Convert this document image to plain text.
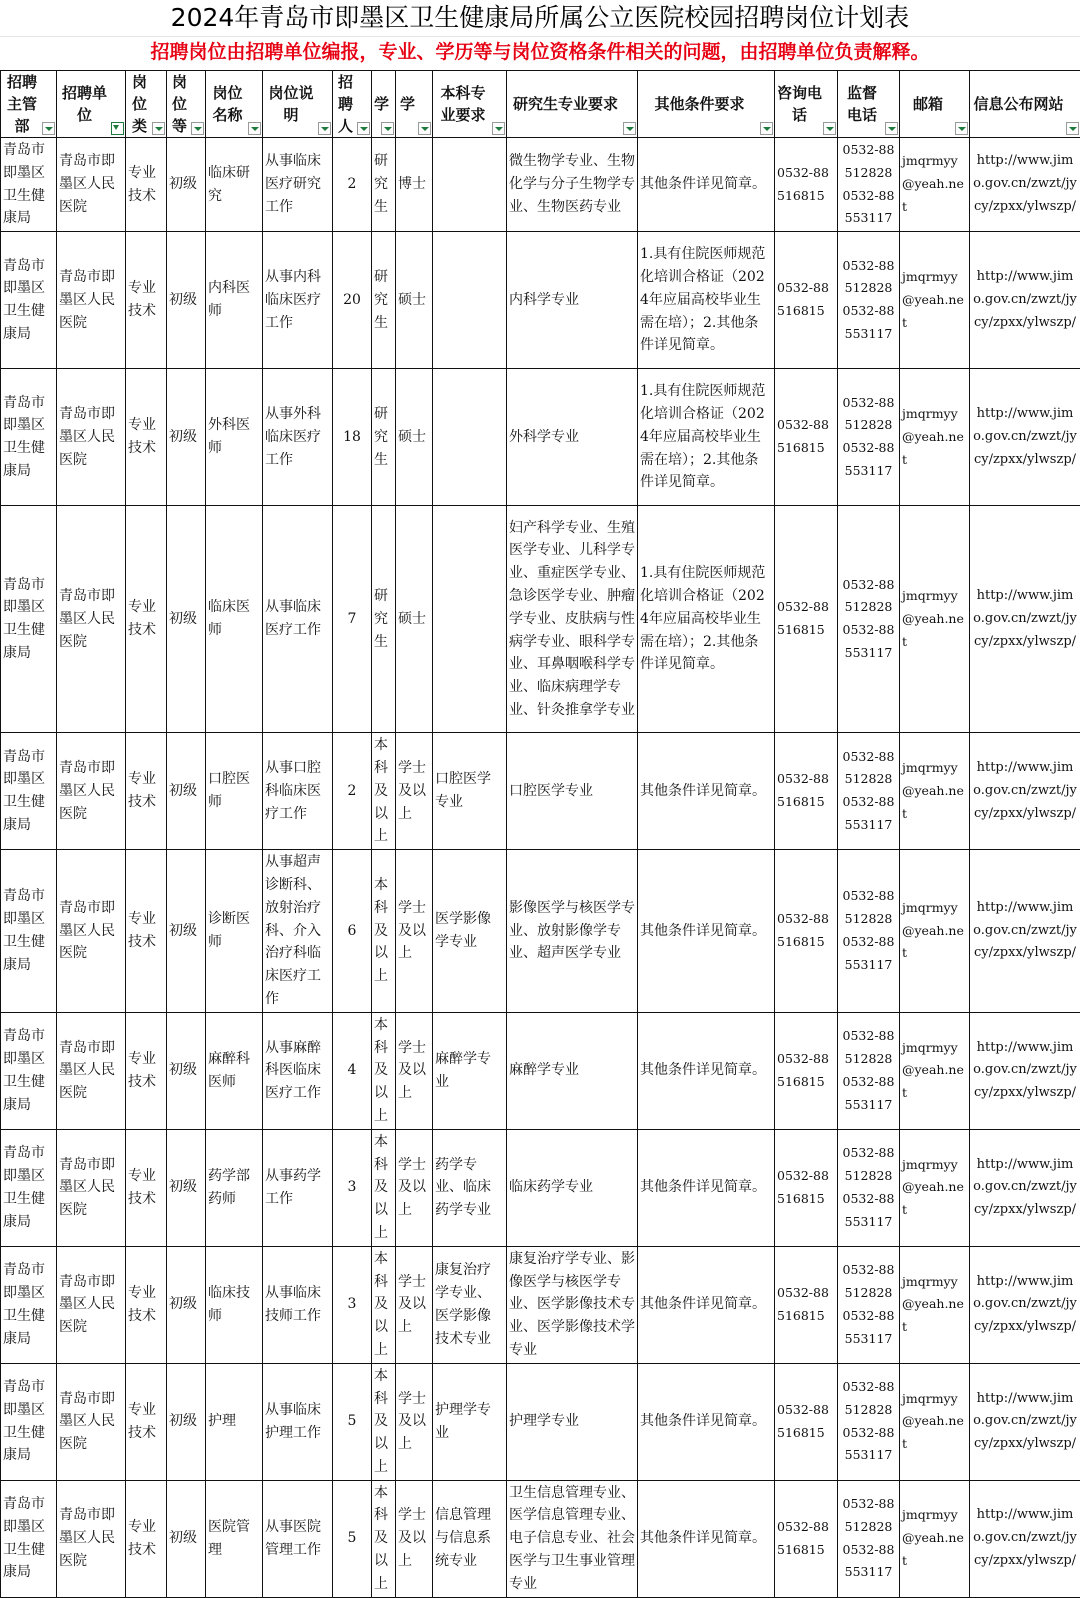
2024年青岛市即墨区卫生健康局所属公立医院校园招聘岗位计划表
招聘岗位由招聘单位编报，专业、学历等与岗位资格条件相关的问题，由招聘单位负责解释。
招聘主管部	招聘单位	岗位类	岗位等	岗位名称	岗位说明	招聘人	学	学	本科专业要求	研究生专业要求	其他条件要求	咨询电话	监督电话	邮箱	信息公布网站

青岛市即墨区卫生健康局	青岛市即墨区人民医院	专业技术	初级	临床研究	从事临床医疗研究工作	2	研究生	博士		微生物学专业、生物化学与分子生物学专业、生物医药专业	其他条件详见简章。	0532-88516815	0532-88512828 0532-88553117	jmqrmyy@yeah.net	http://www.jimo.gov.cn/zwzt/jycy/zpxx/ylwszp/
青岛市即墨区卫生健康局	青岛市即墨区人民医院	专业技术	初级	内科医师	从事内科临床医疗工作	20	研究生	硕士		内科学专业	1.具有住院医师规范化培训合格证（2024年应届高校毕业生需在培）；2.其他条件详见简章。	0532-88516815	0532-88512828 0532-88553117	jmqrmyy@yeah.net	http://www.jimo.gov.cn/zwzt/jycy/zpxx/ylwszp/
青岛市即墨区卫生健康局	青岛市即墨区人民医院	专业技术	初级	外科医师	从事外科临床医疗工作	18	研究生	硕士		外科学专业	1.具有住院医师规范化培训合格证（2024年应届高校毕业生需在培）；2.其他条件详见简章。	0532-88516815	0532-88512828 0532-88553117	jmqrmyy@yeah.net	http://www.jimo.gov.cn/zwzt/jycy/zpxx/ylwszp/
青岛市即墨区卫生健康局	青岛市即墨区人民医院	专业技术	初级	临床医师	从事临床医疗工作	7	研究生	硕士		妇产科学专业、生殖医学专业、儿科学专业、重症医学专业、急诊医学专业、肿瘤学专业、皮肤病与性病学专业、眼科学专业、耳鼻咽喉科学专业、临床病理学专业、针灸推拿学专业	1.具有住院医师规范化培训合格证（2024年应届高校毕业生需在培）；2.其他条件详见简章。	0532-88516815	0532-88512828 0532-88553117	jmqrmyy@yeah.net	http://www.jimo.gov.cn/zwzt/jycy/zpxx/ylwszp/
青岛市即墨区卫生健康局	青岛市即墨区人民医院	专业技术	初级	口腔医师	从事口腔科临床医疗工作	2	本科及以上	学士及以上	口腔医学专业	口腔医学专业	其他条件详见简章。	0532-88516815	0532-88512828 0532-88553117	jmqrmyy@yeah.net	http://www.jimo.gov.cn/zwzt/jycy/zpxx/ylwszp/
青岛市即墨区卫生健康局	青岛市即墨区人民医院	专业技术	初级	诊断医师	从事超声诊断科、放射治疗科、介入治疗科临床医疗工作	6	本科及以上	学士及以上	医学影像学专业	影像医学与核医学专业、放射影像学专业、超声医学专业	其他条件详见简章。	0532-88516815	0532-88512828 0532-88553117	jmqrmyy@yeah.net	http://www.jimo.gov.cn/zwzt/jycy/zpxx/ylwszp/
青岛市即墨区卫生健康局	青岛市即墨区人民医院	专业技术	初级	麻醉科医师	从事麻醉科医临床医疗工作	4	本科及以上	学士及以上	麻醉学专业	麻醉学专业	其他条件详见简章。	0532-88516815	0532-88512828 0532-88553117	jmqrmyy@yeah.net	http://www.jimo.gov.cn/zwzt/jycy/zpxx/ylwszp/
青岛市即墨区卫生健康局	青岛市即墨区人民医院	专业技术	初级	药学部药师	从事药学工作	3	本科及以上	学士及以上	药学专业、临床药学专业	临床药学专业	其他条件详见简章。	0532-88516815	0532-88512828 0532-88553117	jmqrmyy@yeah.net	http://www.jimo.gov.cn/zwzt/jycy/zpxx/ylwszp/
青岛市即墨区卫生健康局	青岛市即墨区人民医院	专业技术	初级	临床技师	从事临床技师工作	3	本科及以上	学士及以上	康复治疗学专业、医学影像技术专业	康复治疗学专业、影像医学与核医学专业、医学影像技术专业、医学影像技术学专业	其他条件详见简章。	0532-88516815	0532-88512828 0532-88553117	jmqrmyy@yeah.net	http://www.jimo.gov.cn/zwzt/jycy/zpxx/ylwszp/
青岛市即墨区卫生健康局	青岛市即墨区人民医院	专业技术	初级	护理	从事临床护理工作	5	本科及以上	学士及以上	护理学专业	护理学专业	其他条件详见简章。	0532-88516815	0532-88512828 0532-88553117	jmqrmyy@yeah.net	http://www.jimo.gov.cn/zwzt/jycy/zpxx/ylwszp/
青岛市即墨区卫生健康局	青岛市即墨区人民医院	专业技术	初级	医院管理	从事医院管理工作	5	本科及以上	学士及以上	信息管理与信息系统专业	卫生信息管理专业、医学信息管理专业、电子信息专业、社会医学与卫生事业管理专业	其他条件详见简章。	0532-88516815	0532-88512828 0532-88553117	jmqrmyy@yeah.net	http://www.jimo.gov.cn/zwzt/jycy/zpxx/ylwszp/
